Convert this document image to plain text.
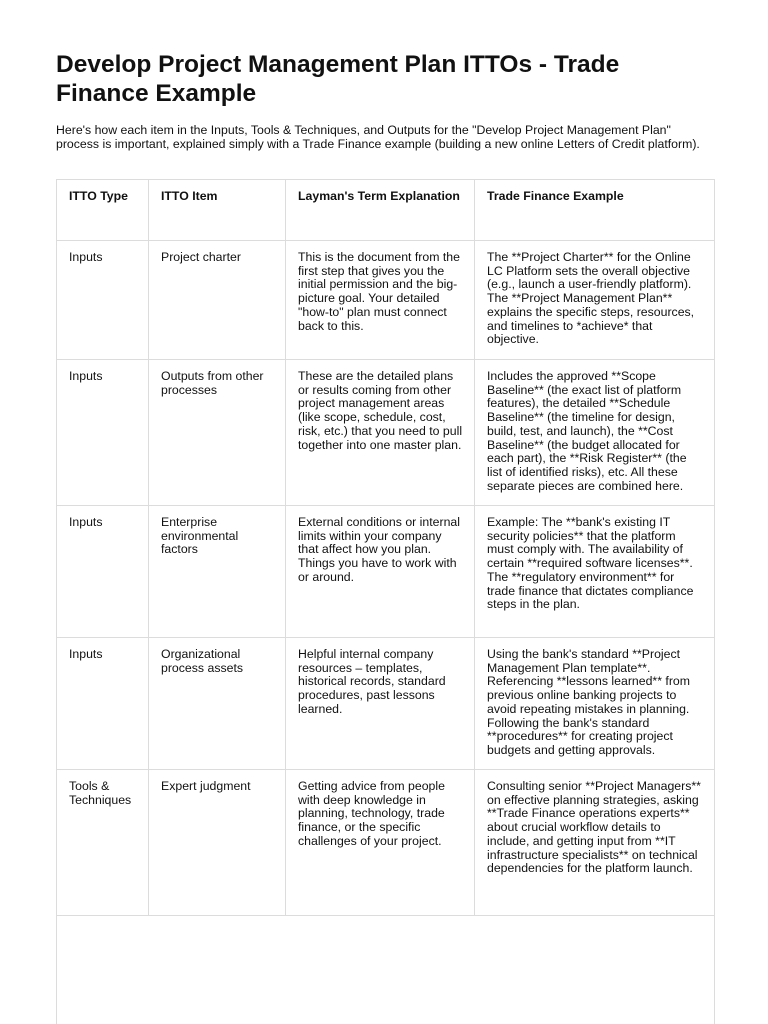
Develop Project Management Plan ITTOs - Trade Finance Example

Here's how each item in the Inputs, Tools & Techniques, and Outputs for the "Develop Project Management Plan" process is important, explained simply with a Trade Finance example (building a new online Letters of Credit platform).

ITTO Type	ITTO Item	Layman's Term Explanation	Trade Finance Example
Inputs	Project charter	This is the document from the first step that gives you the initial permission and the big-picture goal. Your detailed "how-to" plan must connect back to this.	The **Project Charter** for the Online LC Platform sets the overall objective (e.g., launch a user-friendly platform). The **Project Management Plan** explains the specific steps, resources, and timelines to *achieve* that objective.
Inputs	Outputs from other processes	These are the detailed plans or results coming from other project management areas (like scope, schedule, cost, risk, etc.) that you need to pull together into one master plan.	Includes the approved **Scope Baseline** (the exact list of platform features), the detailed **Schedule Baseline** (the timeline for design, build, test, and launch), the **Cost Baseline** (the budget allocated for each part), the **Risk Register** (the list of identified risks), etc. All these separate pieces are combined here.
Inputs	Enterprise environmental factors	External conditions or internal limits within your company that affect how you plan. Things you have to work with or around.	Example: The **bank's existing IT security policies** that the platform must comply with. The availability of certain **required software licenses**. The **regulatory environment** for trade finance that dictates compliance steps in the plan.
Inputs	Organizational process assets	Helpful internal company resources – templates, historical records, standard procedures, past lessons learned.	Using the bank's standard **Project Management Plan template**. Referencing **lessons learned** from previous online banking projects to avoid repeating mistakes in planning. Following the bank's standard **procedures** for creating project budgets and getting approvals.
Tools & Techniques	Expert judgment	Getting advice from people with deep knowledge in planning, technology, trade finance, or the specific challenges of your project.	Consulting senior **Project Managers** on effective planning strategies, asking **Trade Finance operations experts** about crucial workflow details to include, and getting input from **IT infrastructure specialists** on technical dependencies for the platform launch.
